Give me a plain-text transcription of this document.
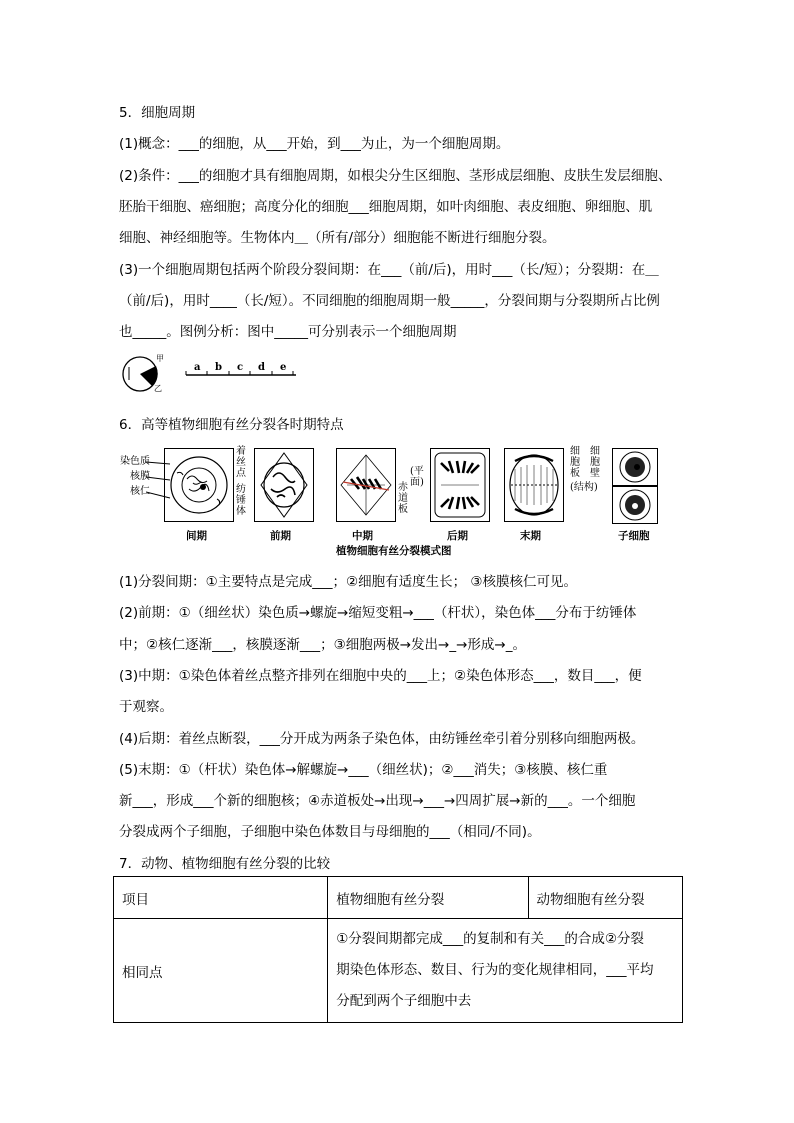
5．细胞周期
(1)概念：___的细胞，从___开始，到___为止，为一个细胞周期。
(2)条件：___的细胞才具有细胞周期，如根尖分生区细胞、茎形成层细胞、皮肤生发层细胞、
胚胎干细胞、癌细胞；高度分化的细胞___细胞周期，如叶肉细胞、表皮细胞、卵细胞、肌
细胞、神经细胞等。生物体内＿（所有/部分）细胞能不断进行细胞分裂。
(3)一个细胞周期包括两个阶段分裂间期：在___（前/后)，用时___（长/短）；分裂期：在＿
（前/后)，用时____（长/短）。不同细胞的细胞周期一般_____，分裂间期与分裂期所占比例
也_____。图例分析：图中_____可分别表示一个细胞周期
甲
乙
a b c d e
6．高等植物细胞有丝分裂各时期特点
染色质
核膜
核仁
着
丝
点
纺
锤
体
赤
道
板
(平
面)
细
胞
板
细
胞
壁
(结构)
间期	前期	中期	后期	末期	子细胞
植物细胞有丝分裂模式图
(1)分裂间期：①主要特点是完成___；②细胞有适度生长； ③核膜核仁可见。
(2)前期：①（细丝状）染色质→螺旋→缩短变粗→___（杆状），染色体___分布于纺锤体
中；②核仁逐渐___，核膜逐渐___；③细胞两极→发出→_→形成→_。
(3)中期：①染色体着丝点整齐排列在细胞中央的___上；②染色体形态___，数目___，便
于观察。
(4)后期：着丝点断裂，___分开成为两条子染色体，由纺锤丝牵引着分别移向细胞两极。
(5)末期：①（杆状）染色体→解螺旋→___（细丝状)；②___消失；③核膜、核仁重
新___，形成___个新的细胞核；④赤道板处→出现→___→四周扩展→新的___。一个细胞
分裂成两个子细胞，子细胞中染色体数目与母细胞的___（相同/不同)。
7．动物、植物细胞有丝分裂的比较
项目	植物细胞有丝分裂	动物细胞有丝分裂
相同点	①分裂间期都完成___的复制和有关___的合成②分裂
期染色体形态、数目、行为的变化规律相同，___平均
分配到两个子细胞中去	
